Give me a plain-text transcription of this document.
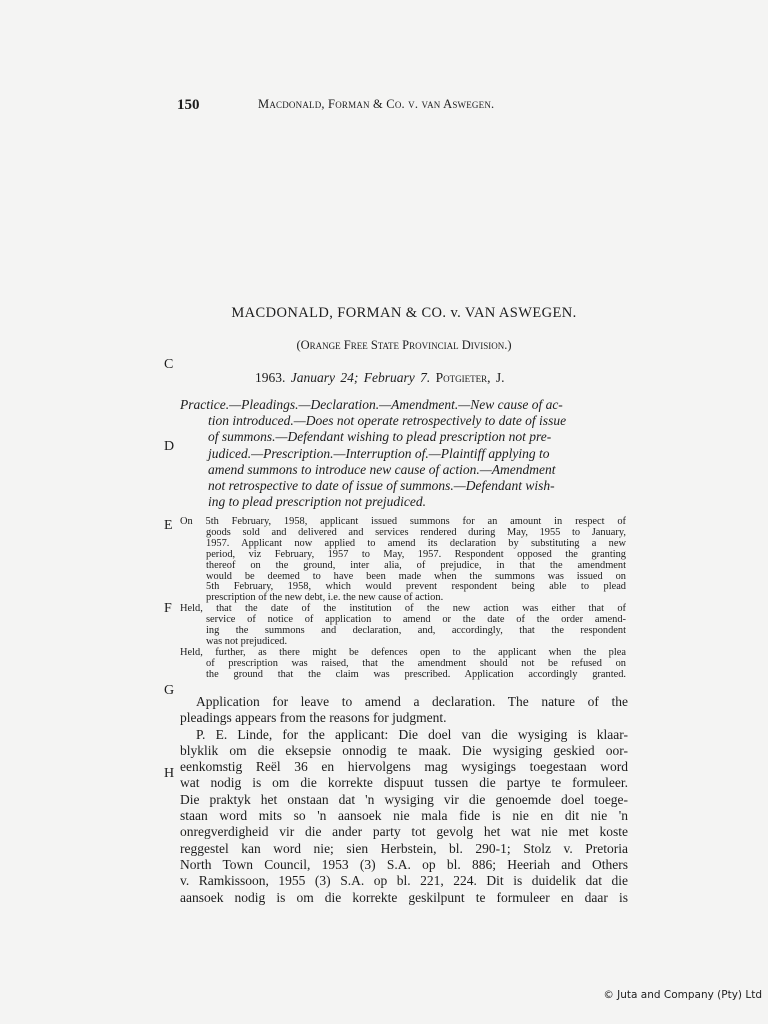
150	Macdonald, Forman & Co. v. van Aswegen.
MACDONALD, FORMAN & CO. v. VAN ASWEGEN.
(Orange Free State Provincial Division.)
1963. January 24; February 7. Potgieter, J.
C
D
E
F
G
H
Practice.—Pleadings.—Declaration.—Amendment.—New cause of ac-
tion introduced.—Does not operate retrospectively to date of issue
of summons.—Defendant wishing to plead prescription not pre-
judiced.—Prescription.—Interruption of.—Plaintiff applying to
amend summons to introduce new cause of action.—Amendment
not retrospective to date of issue of summons.—Defendant wish-
ing to plead prescription not prejudiced.
On 5th February, 1958, applicant issued summons for an amount in respect of
goods sold and delivered and services rendered during May, 1955 to January,
1957. Applicant now applied to amend its declaration by substituting a new
period, viz February, 1957 to May, 1957. Respondent opposed the granting
thereof on the ground, inter alia, of prejudice, in that the amendment
would be deemed to have been made when the summons was issued on
5th February, 1958, which would prevent respondent being able to plead
prescription of the new debt, i.e. the new cause of action.
Held, that the date of the institution of the new action was either that of
service of notice of application to amend or the date of the order amend-
ing the summons and declaration, and, accordingly, that the respondent
was not prejudiced.
Held, further, as there might be defences open to the applicant when the plea
of prescription was raised, that the amendment should not be refused on
the ground that the claim was prescribed. Application accordingly granted.
Application for leave to amend a declaration. The nature of the
pleadings appears from the reasons for judgment.
P. E. Linde, for the applicant: Die doel van die wysiging is klaar-
blyklik om die eksepsie onnodig te maak. Die wysiging geskied oor-
eenkomstig Reël 36 en hiervolgens mag wysigings toegestaan word
wat nodig is om die korrekte dispuut tussen die partye te formuleer.
Die praktyk het onstaan dat 'n wysiging vir die genoemde doel toege-
staan word mits so 'n aansoek nie mala fide is nie en dit nie 'n
onregverdigheid vir die ander party tot gevolg het wat nie met koste
reggestel kan word nie; sien Herbstein, bl. 290-1; Stolz v. Pretoria
North Town Council, 1953 (3) S.A. op bl. 886; Heeriah and Others
v. Ramkissoon, 1955 (3) S.A. op bl. 221, 224. Dit is duidelik dat die
aansoek nodig is om die korrekte geskilpunt te formuleer en daar is
© Juta and Company (Pty) Ltd
